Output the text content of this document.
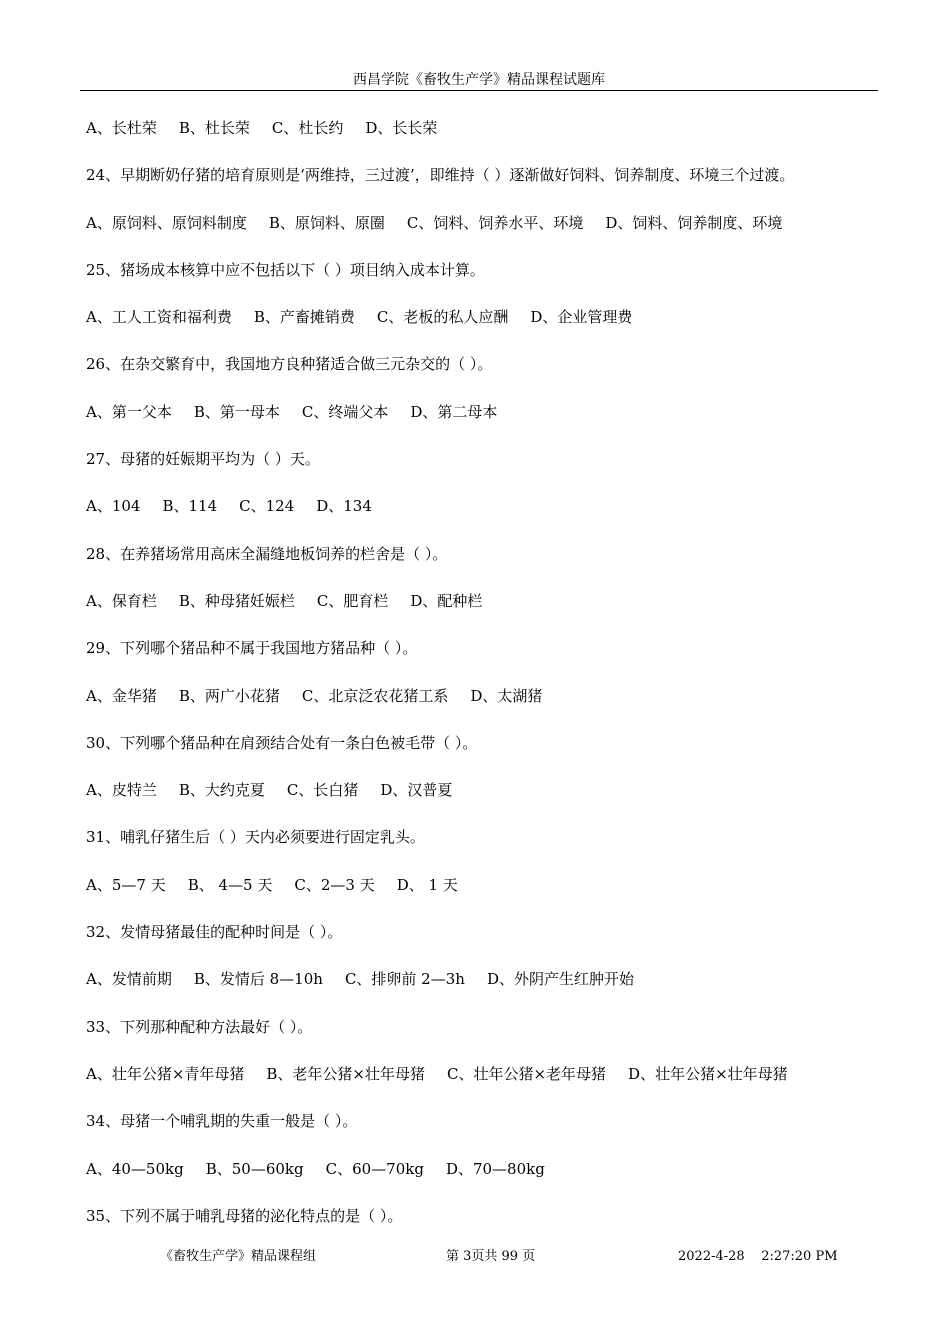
西昌学院《畜牧生产学》精品课程试题库
A、长杜荣 B、杜长荣 C、杜长约 D、长长荣
24、早期断奶仔猪的培育原则是‘两维持，三过渡’，即维持（ ）逐渐做好饲料、饲养制度、环境三个过渡。
A、原饲料、原饲料制度 B、原饲料、原圈 C、饲料、饲养水平、环境 D、饲料、饲养制度、环境
25、猪场成本核算中应不包括以下（ ）项目纳入成本计算。
A、工人工资和福利费 B、产畜摊销费 C、老板的私人应酬 D、企业管理费
26、在杂交繁育中，我国地方良种猪适合做三元杂交的（ ）。
A、第一父本 B、第一母本 C、终端父本 D、第二母本
27、母猪的妊娠期平均为（ ）天。
A、104 B、114 C、124 D、134
28、在养猪场常用高床全漏缝地板饲养的栏舍是（ ）。
A、保育栏 B、种母猪妊娠栏 C、肥育栏 D、配种栏
29、下列哪个猪品种不属于我国地方猪品种（ ）。
A、金华猪 B、两广小花猪 C、北京泛农花猪工系 D、太湖猪
30、下列哪个猪品种在肩颈结合处有一条白色被毛带（ ）。
A、皮特兰 B、大约克夏 C、长白猪 D、汉普夏
31、哺乳仔猪生后（ ）天内必须要进行固定乳头。
A、5—7 天 B、 4—5 天 C、2—3 天 D、 1 天
32、发情母猪最佳的配种时间是（ ）。
A、发情前期 B、发情后 8—10h C、排卵前 2—3h D、外阴产生红肿开始
33、下列那种配种方法最好（ ）。
A、壮年公猪×青年母猪 B、老年公猪×壮年母猪 C、壮年公猪×老年母猪 D、壮年公猪×壮年母猪
34、母猪一个哺乳期的失重一般是（ ）。
A、40—50kg B、50—60kg C、60—70kg D、70—80kg
35、下列不属于哺乳母猪的泌化特点的是（ ）。
《畜牧生产学》精品课程组	第 3页共 99 页	2022-4-28    2:27:20 PM
